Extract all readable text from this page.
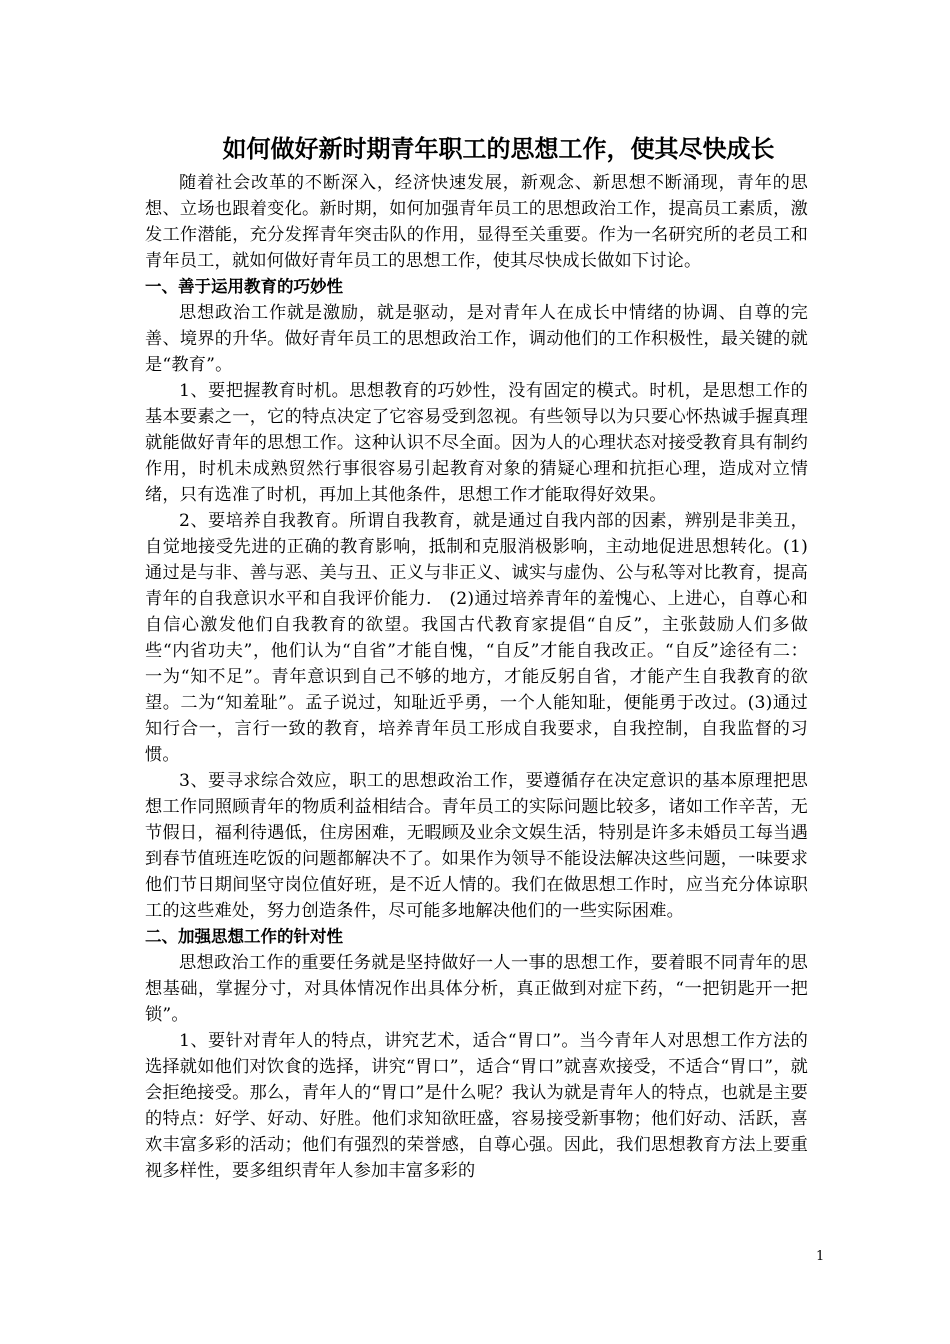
如何做好新时期青年职工的思想工作，使其尽快成长

随着社会改革的不断深入，经济快速发展，新观念、新思想不断涌现，青年的思想、立场也跟着变化。新时期，如何加强青年员工的思想政治工作，提高员工素质，激发工作潜能，充分发挥青年突击队的作用，显得至关重要。作为一名研究所的老员工和青年员工，就如何做好青年员工的思想工作，使其尽快成长做如下讨论。

一、善于运用教育的巧妙性

思想政治工作就是激励，就是驱动，是对青年人在成长中情绪的协调、自尊的完善、境界的升华。做好青年员工的思想政治工作，调动他们的工作积极性，最关键的就是“教育”。

1、要把握教育时机。思想教育的巧妙性，没有固定的模式。时机，是思想工作的基本要素之一，它的特点决定了它容易受到忽视。有些领导以为只要心怀热诚手握真理就能做好青年的思想工作。这种认识不尽全面。因为人的心理状态对接受教育具有制约作用，时机未成熟贸然行事很容易引起教育对象的猜疑心理和抗拒心理，造成对立情绪，只有选准了时机，再加上其他条件，思想工作才能取得好效果。

2、要培养自我教育。所谓自我教育，就是通过自我内部的因素，辨别是非美丑，自觉地接受先进的正确的教育影响，抵制和克服消极影响，主动地促进思想转化。(1)通过是与非、善与恶、美与丑、正义与非正义、诚实与虚伪、公与私等对比教育，提高青年的自我意识水平和自我评价能力.　(2)通过培养青年的羞愧心、上进心，自尊心和自信心激发他们自我教育的欲望。我国古代教育家提倡“自反”，主张鼓励人们多做些“内省功夫”，他们认为“自省”才能自愧，“自反”才能自我改正。“自反”途径有二：一为“知不足”。青年意识到自己不够的地方，才能反躬自省，才能产生自我教育的欲望。二为“知羞耻”。孟子说过，知耻近乎勇，一个人能知耻，便能勇于改过。(3)通过知行合一，言行一致的教育，培养青年员工形成自我要求，自我控制，自我监督的习惯。

3、要寻求综合效应，职工的思想政治工作，要遵循存在决定意识的基本原理把思想工作同照顾青年的物质利益相结合。青年员工的实际问题比较多，诸如工作辛苦，无节假日，福利待遇低，住房困难，无暇顾及业余文娱生活，特别是许多未婚员工每当遇到春节值班连吃饭的问题都解决不了。如果作为领导不能设法解决这些问题，一味要求他们节日期间坚守岗位值好班，是不近人情的。我们在做思想工作时，应当充分体谅职工的这些难处，努力创造条件，尽可能多地解决他们的一些实际困难。

二、加强思想工作的针对性

思想政治工作的重要任务就是坚持做好一人一事的思想工作，要着眼不同青年的思想基础，掌握分寸，对具体情况作出具体分析，真正做到对症下药，“一把钥匙开一把锁”。

1、要针对青年人的特点，讲究艺术，适合“胃口”。当今青年人对思想工作方法的选择就如他们对饮食的选择，讲究“胃口”，适合“胃口”就喜欢接受，不适合“胃口”，就会拒绝接受。那么，青年人的“胃口”是什么呢？我认为就是青年人的特点，也就是主要的特点：好学、好动、好胜。他们求知欲旺盛，容易接受新事物；他们好动、活跃，喜欢丰富多彩的活动；他们有强烈的荣誉感，自尊心强。因此，我们思想教育方法上要重视多样性，要多组织青年人参加丰富多彩的

1
